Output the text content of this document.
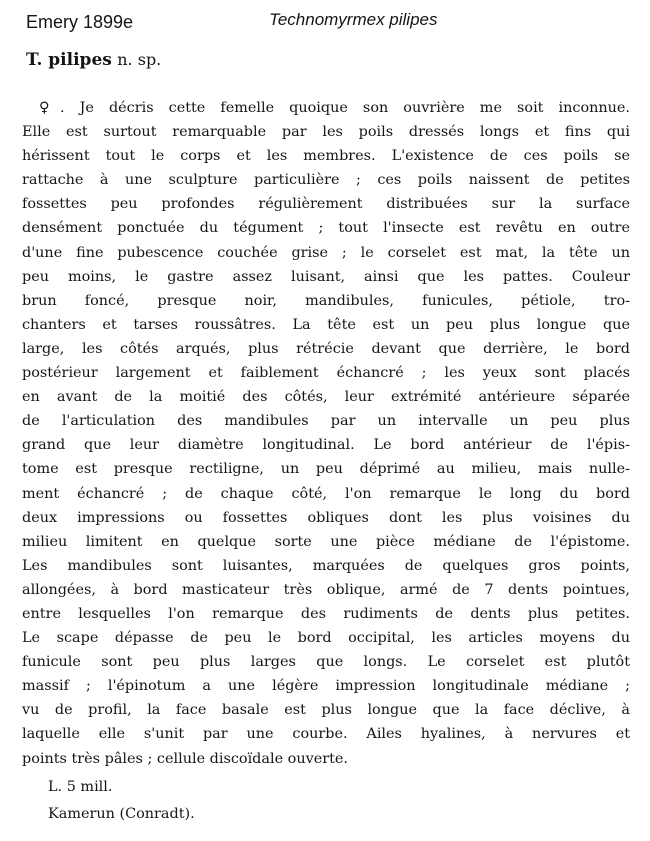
Emery 1899e	Technomyrmex pilipes
T. pilipes n. sp.
♀. Je décris cette femelle quoique son ouvrière me soit inconnue.
Elle est surtout remarquable par les poils dressés longs et fins qui
hérissent tout le corps et les membres. L'existence de ces poils se
rattache à une sculpture particulière ; ces poils naissent de petites
fossettes peu profondes régulièrement distribuées sur la surface
densément ponctuée du tégument ; tout l'insecte est revêtu en outre
d'une fine pubescence couchée grise ; le corselet est mat, la tête un
peu moins, le gastre assez luisant, ainsi que les pattes. Couleur
brun foncé, presque noir, mandibules, funicules, pétiole, tro-
chanters et tarses roussâtres. La tête est un peu plus longue que
large, les côtés arqués, plus rétrécie devant que derrière, le bord
postérieur largement et faiblement échancré ; les yeux sont placés
en avant de la moitié des côtés, leur extrémité antérieure séparée
de l'articulation des mandibules par un intervalle un peu plus
grand que leur diamètre longitudinal. Le bord antérieur de l'épis-
tome est presque rectiligne, un peu déprimé au milieu, mais nulle-
ment échancré ; de chaque côté, l'on remarque le long du bord
deux impressions ou fossettes obliques dont les plus voisines du
milieu limitent en quelque sorte une pièce médiane de l'épistome.
Les mandibules sont luisantes, marquées de quelques gros points,
allongées, à bord masticateur très oblique, armé de 7 dents pointues,
entre lesquelles l'on remarque des rudiments de dents plus petites.
Le scape dépasse de peu le bord occipital, les articles moyens du
funicule sont peu plus larges que longs. Le corselet est plutôt
massif ; l'épinotum a une légère impression longitudinale médiane ;
vu de profil, la face basale est plus longue que la face déclive, à
laquelle elle s'unit par une courbe. Ailes hyalines, à nervures et
points très pâles ; cellule discoïdale ouverte.
L. 5 mill.
Kamerun (Conradt).
